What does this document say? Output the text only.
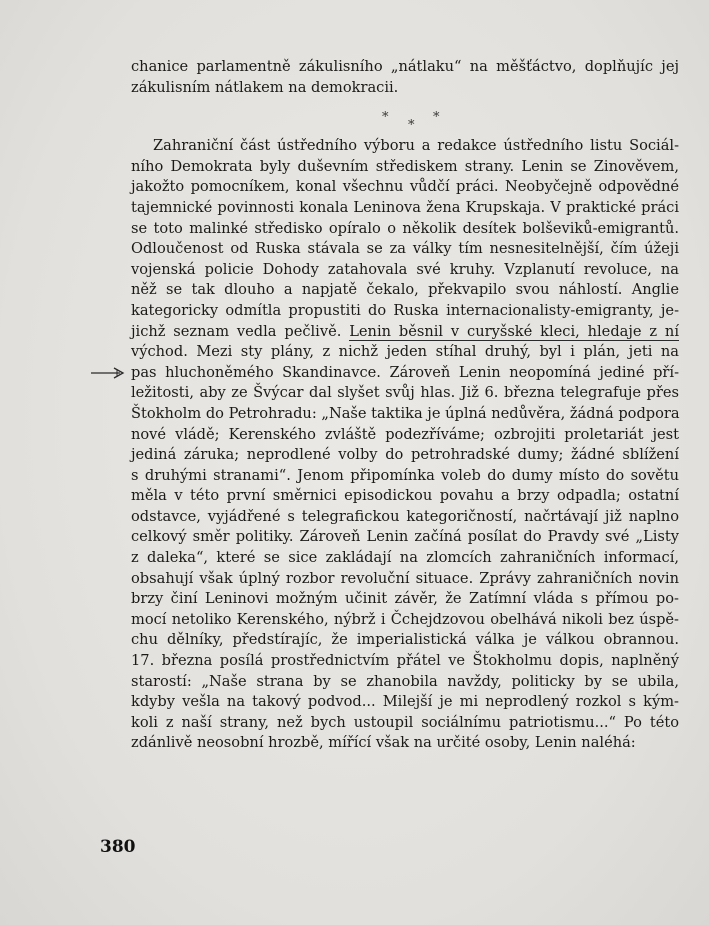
chanice parlamentně zákulisního „nátlaku“ na měšťáctvo, doplňujíc jej
zákulisním nátlakem na demokracii.
Zahraniční část ústředního výboru a redakce ústředního listu Sociál-
ního Demokrata byly duševním střediskem strany. Lenin se Zinověvem,
jakožto pomocníkem, konal všechnu vůdčí práci. Neobyčejně odpovědné
tajemnické povinnosti konala Leninova žena Krupskaja. V praktické práci
se toto malinké středisko opíralo o několik desítek bolševiků-emigrantů.
Odloučenost od Ruska stávala se za války tím nesnesitelnější, čím úžeji
vojenská policie Dohody zatahovala své kruhy. Vzplanutí revoluce, na
něž se tak dlouho a napjatě čekalo, překvapilo svou náhlostí. Anglie
kategoricky odmítla propustiti do Ruska internacionalisty-emigranty, je-
jichž seznam vedla pečlivě. Lenin běsnil v curyšské kleci, hledaje z ní
východ. Mezi sty plány, z nichž jeden stíhal druhý, byl i plán, jeti na
pas hluchoněmého Skandinavce. Zároveň Lenin neopomíná jediné pří-
ležitosti, aby ze Švýcar dal slyšet svůj hlas. Již 6. března telegrafuje přes
Štokholm do Petrohradu: „Naše taktika je úplná nedůvěra, žádná podpora
nové vládě; Kerenského zvláště podezříváme; ozbrojiti proletariát jest
jediná záruka; neprodlené volby do petrohradské dumy; žádné sblížení
s druhými stranami“. Jenom připomínka voleb do dumy místo do sovětu
měla v této první směrnici episodickou povahu a brzy odpadla; ostatní
odstavce, vyjádřené s telegrafickou kategoričností, načrtávají již naplno
celkový směr politiky. Zároveň Lenin začíná posílat do Pravdy své „Listy
z daleka“, které se sice zakládají na zlomcích zahraničních informací,
obsahují však úplný rozbor revoluční situace. Zprávy zahraničních novin
brzy činí Leninovi možným učinit závěr, že Zatímní vláda s přímou po-
mocí netoliko Kerenského, nýbrž i Čchejdzovou obelhává nikoli bez úspě-
chu dělníky, předstírajíc, že imperialistická válka je válkou obrannou.
17. března posílá prostřednictvím přátel ve Štokholmu dopis, naplněný
starostí: „Naše strana by se zhanobila navždy, politicky by se ubila,
kdyby vešla na takový podvod... Milejší je mi neprodlený rozkol s kým-
koli z naší strany, než bych ustoupil sociálnímu patriotismu...“ Po této
zdánlivě neosobní hrozbě, mířící však na určité osoby, Lenin naléhá:
*
*
*
380
